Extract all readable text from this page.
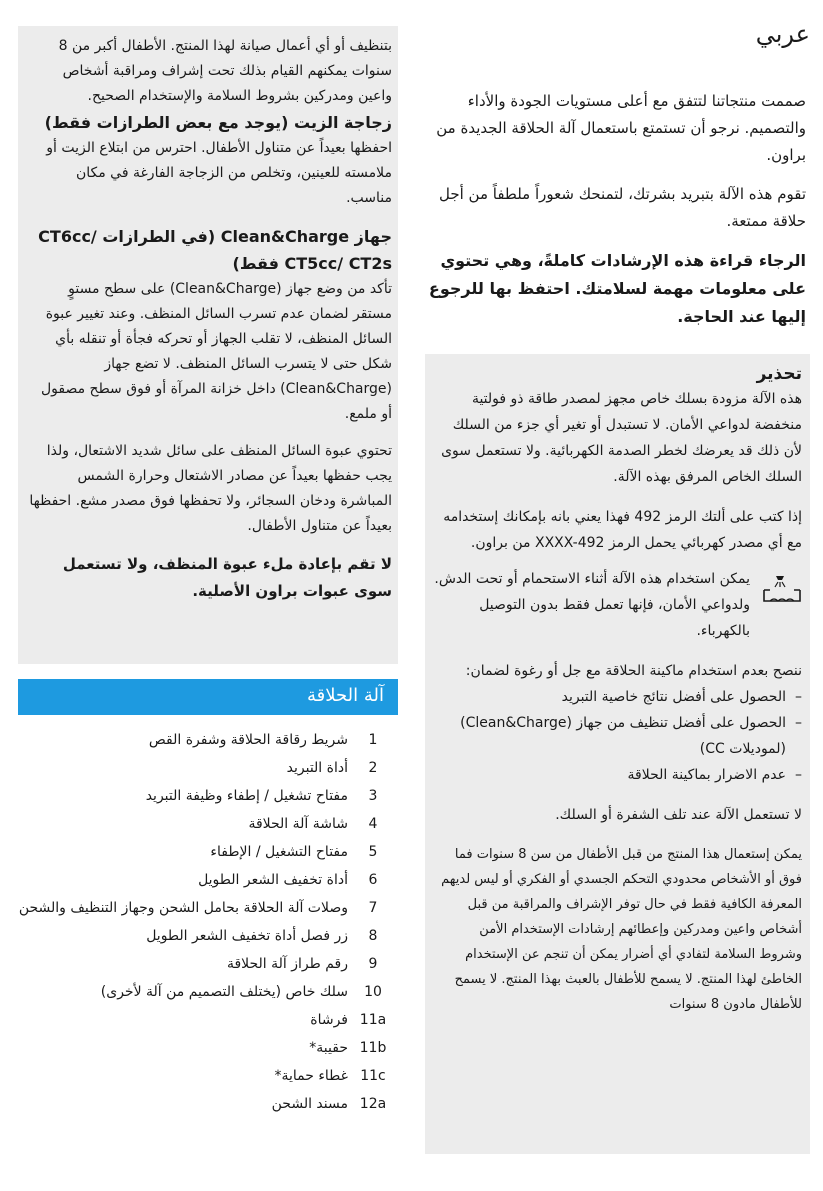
عربي

صممت منتجاتنا لتتفق مع أعلى مستويات الجودة والأداء والتصميم. نرجو أن تستمتع باستعمال آلة الحلاقة الجديدة من براون.

تقوم هذه الآلة بتبريد بشرتك، لتمنحك شعوراً ملطفاً من أجل حلاقة ممتعة.

الرجاء قراءة هذه الإرشادات كاملةً، وهي تحتوي على معلومات مهمة لسلامتك. احتفظ بها للرجوع إليها عند الحاجة.

تحذير

هذه الآلة مزودة بسلك خاص مجهز لمصدر طاقة ذو فولتية منخفضة لدواعي الأمان. لا تستبدل أو تغير أي جزء من السلك لأن ذلك قد يعرضك لخطر الصدمة الكهربائية. ولا تستعمل سوى السلك الخاص المرفق بهذه الآلة.

إذا كتب على ألتك الرمز 492 فهذا يعني بانه بإمكانك إستخدامه مع أي مصدر كهربائي يحمل الرمز XXXX-492 من براون.

يمكن استخدام هذه الآلة أثناء الاستحمام أو تحت الدش. ولدواعي الأمان، فإنها تعمل فقط بدون التوصيل بالكهرباء.

ننصح بعدم استخدام ماكينة الحلاقة مع جل أو رغوة لضمان:

– الحصول على أفضل نتائج خاصية التبريد
– الحصول على أفضل تنظيف من جهاز (Clean&Charge) (لموديلات CC)
– عدم الاضرار بماكينة الحلاقة

لا تستعمل الآلة عند تلف الشفرة أو السلك.

يمكن إستعمال هذا المنتج من قبل الأطفال من سن 8 سنوات فما فوق أو الأشخاص محدودي التحكم الجسدي أو الفكري أو ليس لديهم المعرفة الكافية فقط في حال توفر الإشراف والمراقبة من قبل أشخاص واعين ومدركين وإعطائهم إرشادات الإستخدام الأمن وشروط السلامة لتفادي أي أضرار يمكن أن تنجم عن الإستخدام الخاطئ لهذا المنتج. لا يسمح للأطفال بالعبث بهذا المنتج. لا يسمح للأطفال مادون 8 سنوات

بتنظيف أو أي أعمال صيانة لهذا المنتج. الأطفال أكبر من 8 سنوات يمكنهم القيام بذلك تحت إشراف ومراقبة أشخاص واعين ومدركين بشروط السلامة والإستخدام الصحيح.

زجاجة الزيت (يوجد مع بعض الطرازات فقط)

احفظها بعيداً عن متناول الأطفال. احترس من ابتلاع الزيت أو ملامسته للعينين، وتخلص من الزجاجة الفارغة في مكان مناسب.

جهاز Clean&Charge (في الطرازات CT6cc/ CT5cc/ CT2s فقط)

تأكد من وضع جهاز (Clean&Charge) على سطح مستوٍ مستقر لضمان عدم تسرب السائل المنظف. وعند تغيير عبوة السائل المنظف، لا تقلب الجهاز أو تحركه فجأة أو تنقله بأي شكل حتى لا يتسرب السائل المنظف. لا تضع جهاز (Clean&Charge) داخل خزانة المرآة أو فوق سطح مصقول أو ملمع.

تحتوي عبوة السائل المنظف على سائل شديد الاشتعال، ولذا يجب حفظها بعيداً عن مصادر الاشتعال وحرارة الشمس المباشرة ودخان السجائر، ولا تحفظها فوق مصدر مشع. احفظها بعيداً عن متناول الأطفال.

لا تقم بإعادة ملء عبوة المنظف، ولا تستعمل سوى عبوات براون الأصلية.

آلة الحلاقة
1
شريط رقاقة الحلاقة وشفرة القص
2
أداة التبريد
3
مفتاح تشغيل / إطفاء وظيفة التبريد
4
شاشة آلة الحلاقة
5
مفتاح التشغيل / الإطفاء
6
أداة تخفيف الشعر الطويل
7
وصلات آلة الحلاقة بحامل الشحن وجهاز التنظيف والشحن
8
زر فصل أداة تخفيف الشعر الطويل
9
رقم طراز آلة الحلاقة
10
سلك خاص (يختلف التصميم من آلة لأخرى)
11a
فرشاة
11b
حقيبة*
11c
غطاء حماية*
12a
مسند الشحن
